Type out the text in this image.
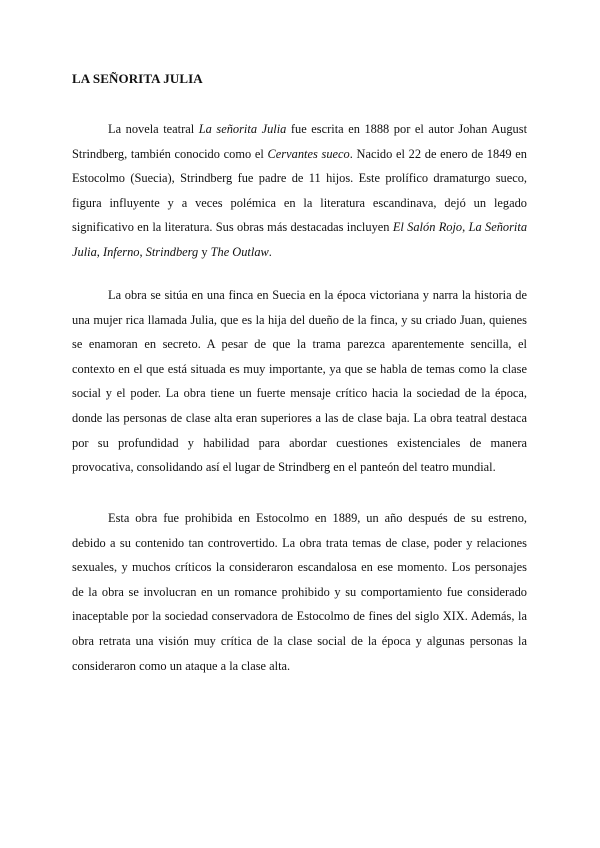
LA SEÑORITA JULIA

La novela teatral La señorita Julia fue escrita en 1888 por el autor Johan August Strindberg, también conocido como el Cervantes sueco. Nacido el 22 de enero de 1849 en Estocolmo (Suecia), Strindberg fue padre de 11 hijos. Este prolífico dramaturgo sueco, figura influyente y a veces polémica en la literatura escandinava, dejó un legado significativo en la literatura. Sus obras más destacadas incluyen El Salón Rojo, La Señorita Julia, Inferno, Strindberg y The Outlaw.

La obra se sitúa en una finca en Suecia en la época victoriana y narra la historia de una mujer rica llamada Julia, que es la hija del dueño de la finca, y su criado Juan, quienes se enamoran en secreto. A pesar de que la trama parezca aparentemente sencilla, el contexto en el que está situada es muy importante, ya que se habla de temas como la clase social y el poder. La obra tiene un fuerte mensaje crítico hacia la sociedad de la época, donde las personas de clase alta eran superiores a las de clase baja. La obra teatral destaca por su profundidad y habilidad para abordar cuestiones existenciales de manera provocativa, consolidando así el lugar de Strindberg en el panteón del teatro mundial.

Esta obra fue prohibida en Estocolmo en 1889, un año después de su estreno, debido a su contenido tan controvertido. La obra trata temas de clase, poder y relaciones sexuales, y muchos críticos la consideraron escandalosa en ese momento. Los personajes de la obra se involucran en un romance prohibido y su comportamiento fue considerado inaceptable por la sociedad conservadora de Estocolmo de fines del siglo XIX. Además, la obra retrata una visión muy crítica de la clase social de la época y algunas personas la consideraron como un ataque a la clase alta.
